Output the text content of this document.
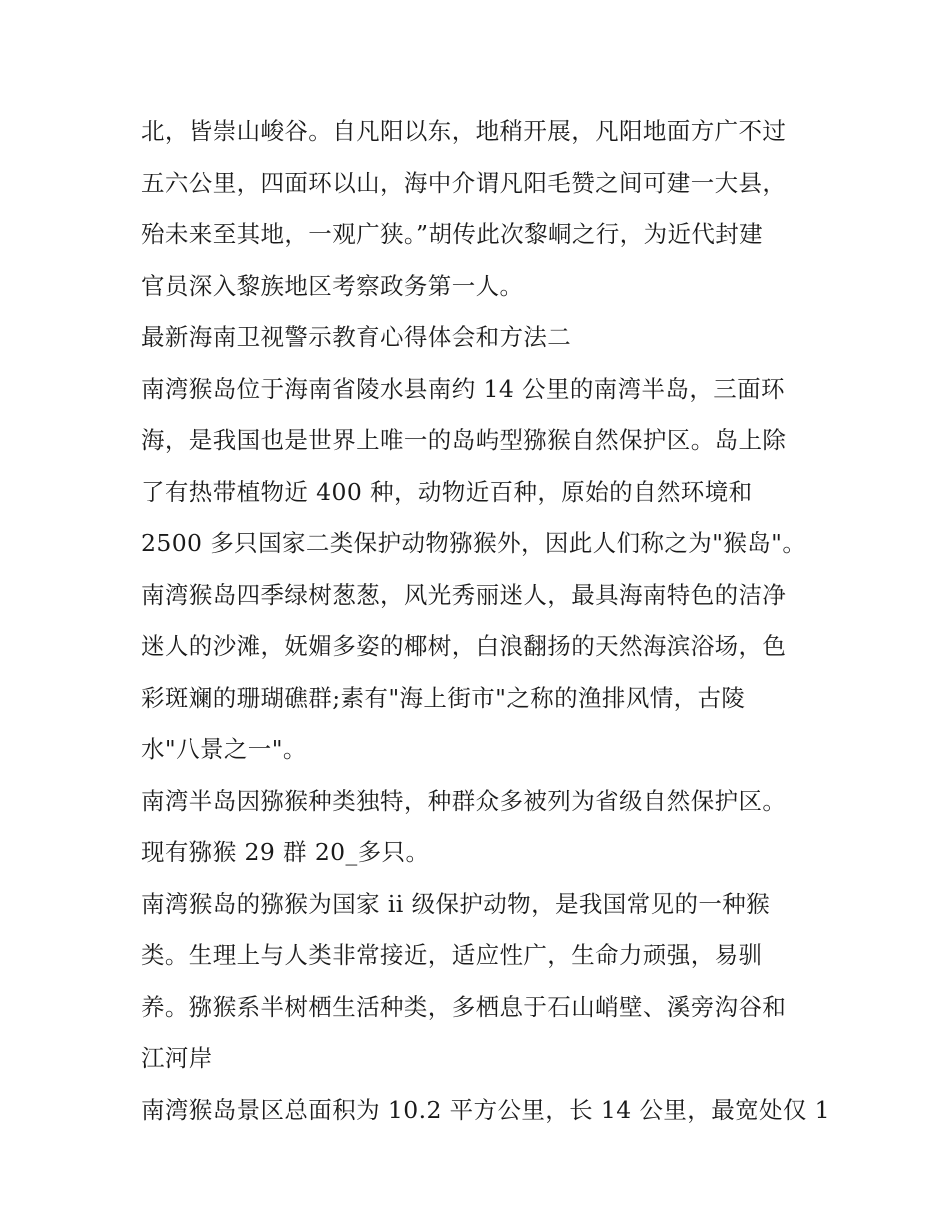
北，皆崇山峻谷。自凡阳以东，地稍开展，凡阳地面方广不过
五六公里，四面环以山，海中介谓凡阳毛赞之间可建一大县，
殆未来至其地，一观广狭。”胡传此次黎峒之行，为近代封建
官员深入黎族地区考察政务第一人。
最新海南卫视警示教育心得体会和方法二
南湾猴岛位于海南省陵水县南约 14 公里的南湾半岛，三面环
海，是我国也是世界上唯一的岛屿型猕猴自然保护区。岛上除
了有热带植物近 400 种，动物近百种，原始的自然环境和
2500 多只国家二类保护动物猕猴外，因此人们称之为"猴岛"。
南湾猴岛四季绿树葱葱，风光秀丽迷人，最具海南特色的洁净
迷人的沙滩，妩媚多姿的椰树，白浪翻扬的天然海滨浴场，色
彩斑斓的珊瑚礁群;素有"海上街市"之称的渔排风情，古陵
水"八景之一"。
南湾半岛因猕猴种类独特，种群众多被列为省级自然保护区。
现有猕猴 29 群 20_多只。
南湾猴岛的猕猴为国家 ii 级保护动物，是我国常见的一种猴
类。生理上与人类非常接近，适应性广，生命力顽强，易驯
养。猕猴系半树栖生活种类，多栖息于石山峭壁、溪旁沟谷和
江河岸
南湾猴岛景区总面积为 10.2 平方公里，长 14 公里，最宽处仅 1
